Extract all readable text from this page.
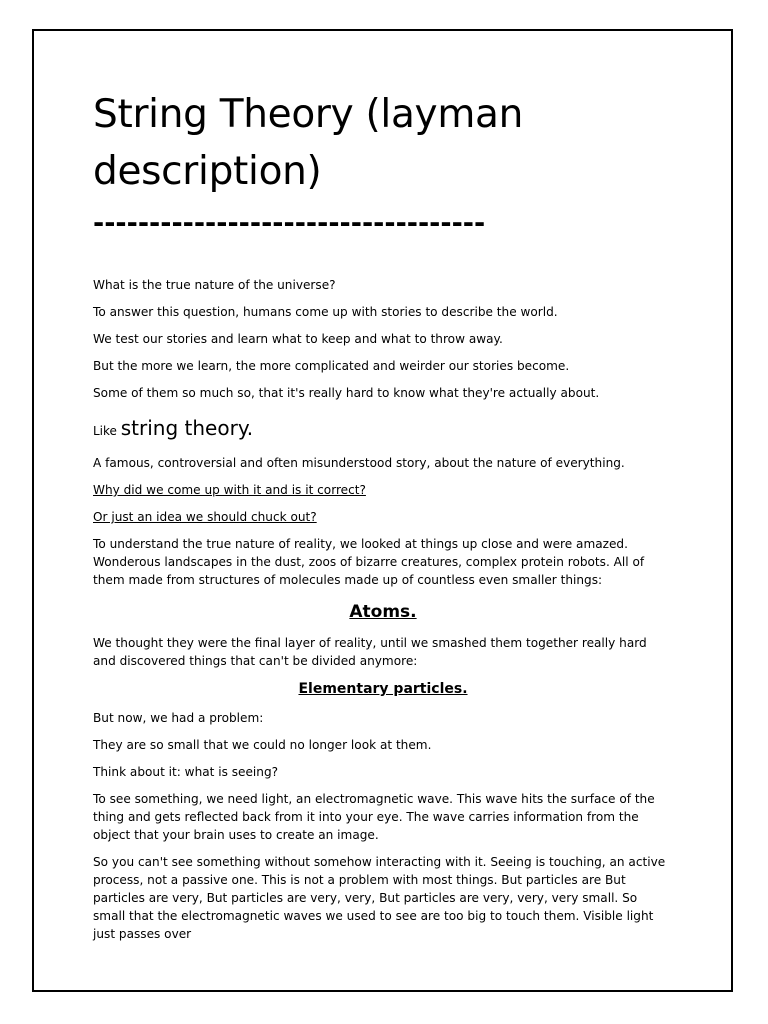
String Theory (layman description)
-----------------------------------

What is the true nature of the universe?

To answer this question, humans come up with stories to describe the world.

We test our stories and learn what to keep and what to throw away.

But the more we learn, the more complicated and weirder our stories become.

Some of them so much so, that it's really hard to know what they're actually about.

Like string theory.

A famous, controversial and often misunderstood story, about the nature of everything.

Why did we come up with it and is it correct?

Or just an idea we should chuck out?

To understand the true nature of reality, we looked at things up close and were amazed. Wonderous landscapes in the dust, zoos of bizarre creatures, complex protein robots. All of them made from structures of molecules made up of countless even smaller things:

Atoms.

We thought they were the final layer of reality, until we smashed them together really hard and discovered things that can't be divided anymore:

Elementary particles.

But now, we had a problem:

They are so small that we could no longer look at them.

Think about it: what is seeing?

To see something, we need light, an electromagnetic wave. This wave hits the surface of the thing and gets reflected back from it into your eye. The wave carries information from the object that your brain uses to create an image.

So you can't see something without somehow interacting with it. Seeing is touching, an active process, not a passive one. This is not a problem with most things. But particles are But particles are very, But particles are very, very, But particles are very, very, very small. So small that the electromagnetic waves we used to see are too big to touch them. Visible light just passes over
